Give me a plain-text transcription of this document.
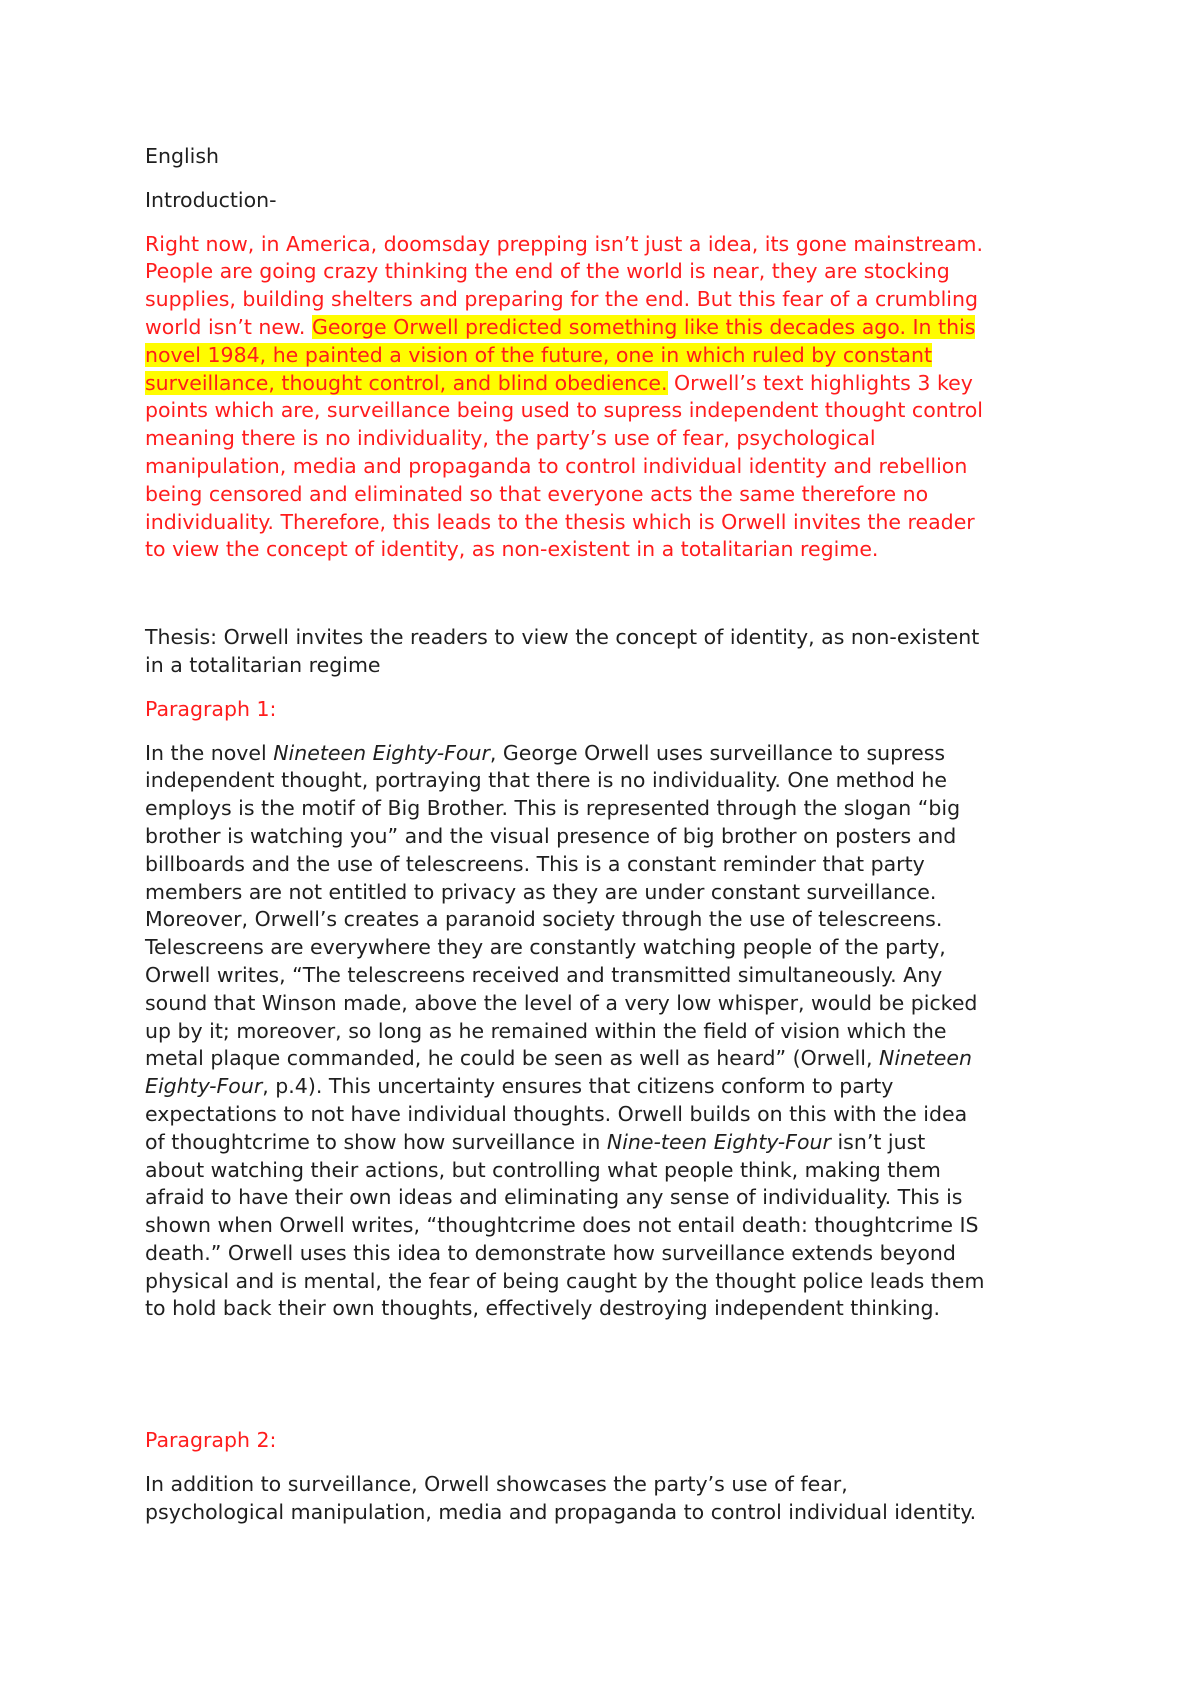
English
Introduction-
Right now, in America, doomsday prepping isn’t just a idea, its gone mainstream.
People are going crazy thinking the end of the world is near, they are stocking
supplies, building shelters and preparing for the end. But this fear of a crumbling
world isn’t new. George Orwell predicted something like this decades ago. In this
novel 1984, he painted a vision of the future, one in which ruled by constant
surveillance, thought control, and blind obedience. Orwell’s text highlights 3 key
points which are, surveillance being used to supress independent thought control
meaning there is no individuality, the party’s use of fear, psychological
manipulation, media and propaganda to control individual identity and rebellion
being censored and eliminated so that everyone acts the same therefore no
individuality. Therefore, this leads to the thesis which is Orwell invites the reader
to view the concept of identity, as non-existent in a totalitarian regime.
Thesis: Orwell invites the readers to view the concept of identity, as non-existent
in a totalitarian regime
Paragraph 1:
In the novel Nineteen Eighty-Four, George Orwell uses surveillance to supress
independent thought, portraying that there is no individuality. One method he
employs is the motif of Big Brother. This is represented through the slogan “big
brother is watching you” and the visual presence of big brother on posters and
billboards and the use of telescreens. This is a constant reminder that party
members are not entitled to privacy as they are under constant surveillance.
Moreover, Orwell’s creates a paranoid society through the use of telescreens.
Telescreens are everywhere they are constantly watching people of the party,
Orwell writes, “The telescreens received and transmitted simultaneously. Any
sound that Winson made, above the level of a very low whisper, would be picked
up by it; moreover, so long as he remained within the field of vision which the
metal plaque commanded, he could be seen as well as heard” (Orwell, Nineteen
Eighty-Four, p.4). This uncertainty ensures that citizens conform to party
expectations to not have individual thoughts. Orwell builds on this with the idea
of thoughtcrime to show how surveillance in Nine-teen Eighty-Four isn’t just
about watching their actions, but controlling what people think, making them
afraid to have their own ideas and eliminating any sense of individuality. This is
shown when Orwell writes, “thoughtcrime does not entail death: thoughtcrime IS
death.” Orwell uses this idea to demonstrate how surveillance extends beyond
physical and is mental, the fear of being caught by the thought police leads them
to hold back their own thoughts, effectively destroying independent thinking.
Paragraph 2:
In addition to surveillance, Orwell showcases the party’s use of fear,
psychological manipulation, media and propaganda to control individual identity.
